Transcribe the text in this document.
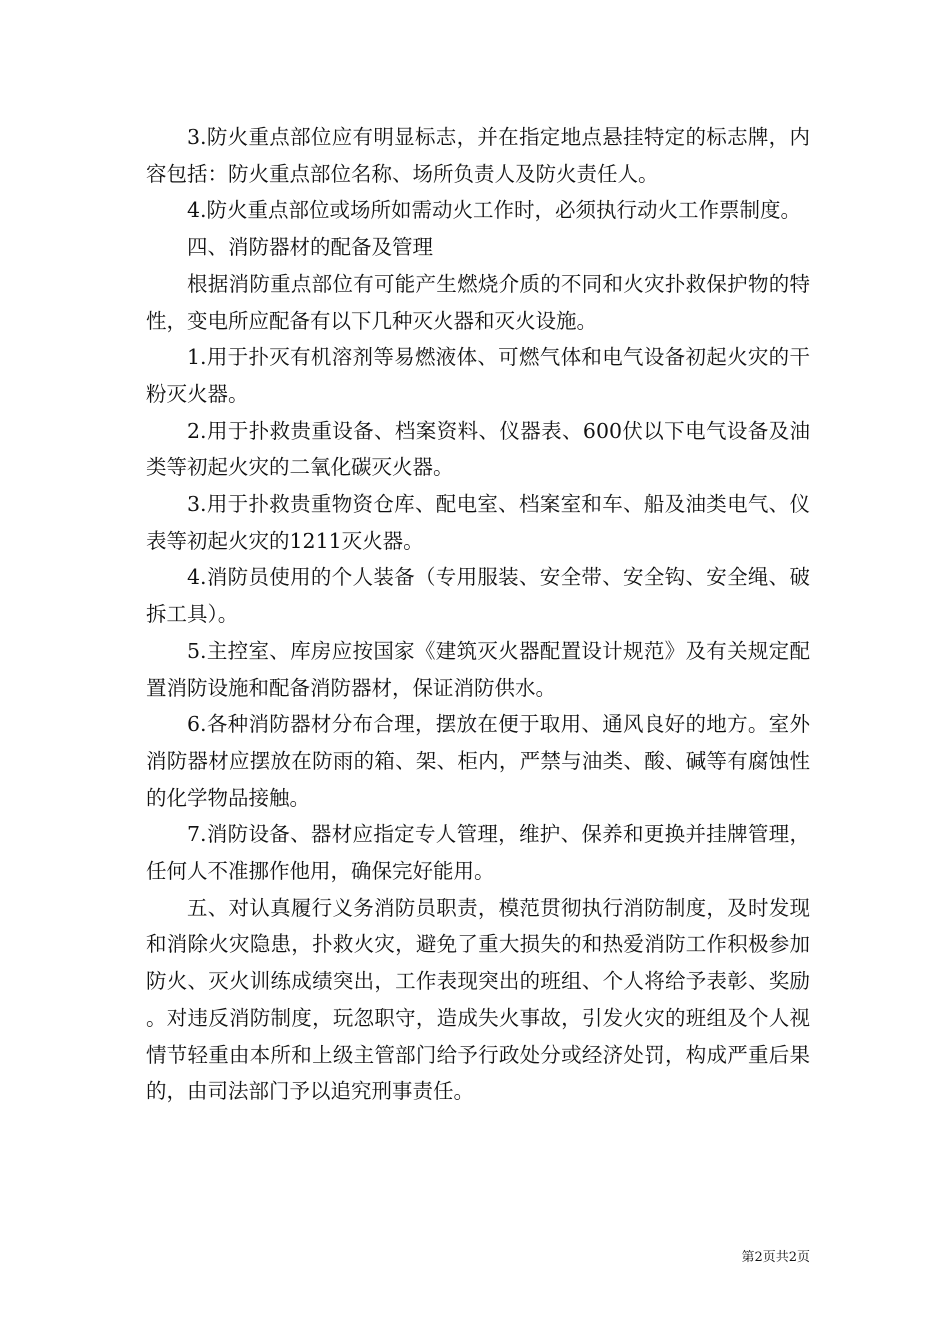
3.防火重点部位应有明显标志，并在指定地点悬挂特定的标志牌，内容包括：防火重点部位名称、场所负责人及防火责任人。

4.防火重点部位或场所如需动火工作时，必须执行动火工作票制度。

四、消防器材的配备及管理

根据消防重点部位有可能产生燃烧介质的不同和火灾扑救保护物的特性，变电所应配备有以下几种灭火器和灭火设施。

1.用于扑灭有机溶剂等易燃液体、可燃气体和电气设备初起火灾的干粉灭火器。

2.用于扑救贵重设备、档案资料、仪器表、600伏以下电气设备及油类等初起火灾的二氧化碳灭火器。

3.用于扑救贵重物资仓库、配电室、档案室和车、船及油类电气、仪表等初起火灾的1211灭火器。

4.消防员使用的个人装备（专用服装、安全带、安全钩、安全绳、破拆工具）。

5.主控室、库房应按国家《建筑灭火器配置设计规范》及有关规定配置消防设施和配备消防器材，保证消防供水。

6.各种消防器材分布合理，摆放在便于取用、通风良好的地方。室外消防器材应摆放在防雨的箱、架、柜内，严禁与油类、酸、碱等有腐蚀性的化学物品接触。

7.消防设备、器材应指定专人管理，维护、保养和更换并挂牌管理，任何人不准挪作他用，确保完好能用。

五、对认真履行义务消防员职责，模范贯彻执行消防制度，及时发现和消除火灾隐患，扑救火灾，避免了重大损失的和热爱消防工作积极参加防火、灭火训练成绩突出，工作表现突出的班组、个人将给予表彰、奖励。对违反消防制度，玩忽职守，造成失火事故，引发火灾的班组及个人视情节轻重由本所和上级主管部门给予行政处分或经济处罚，构成严重后果的，由司法部门予以追究刑事责任。

第2页共2页
